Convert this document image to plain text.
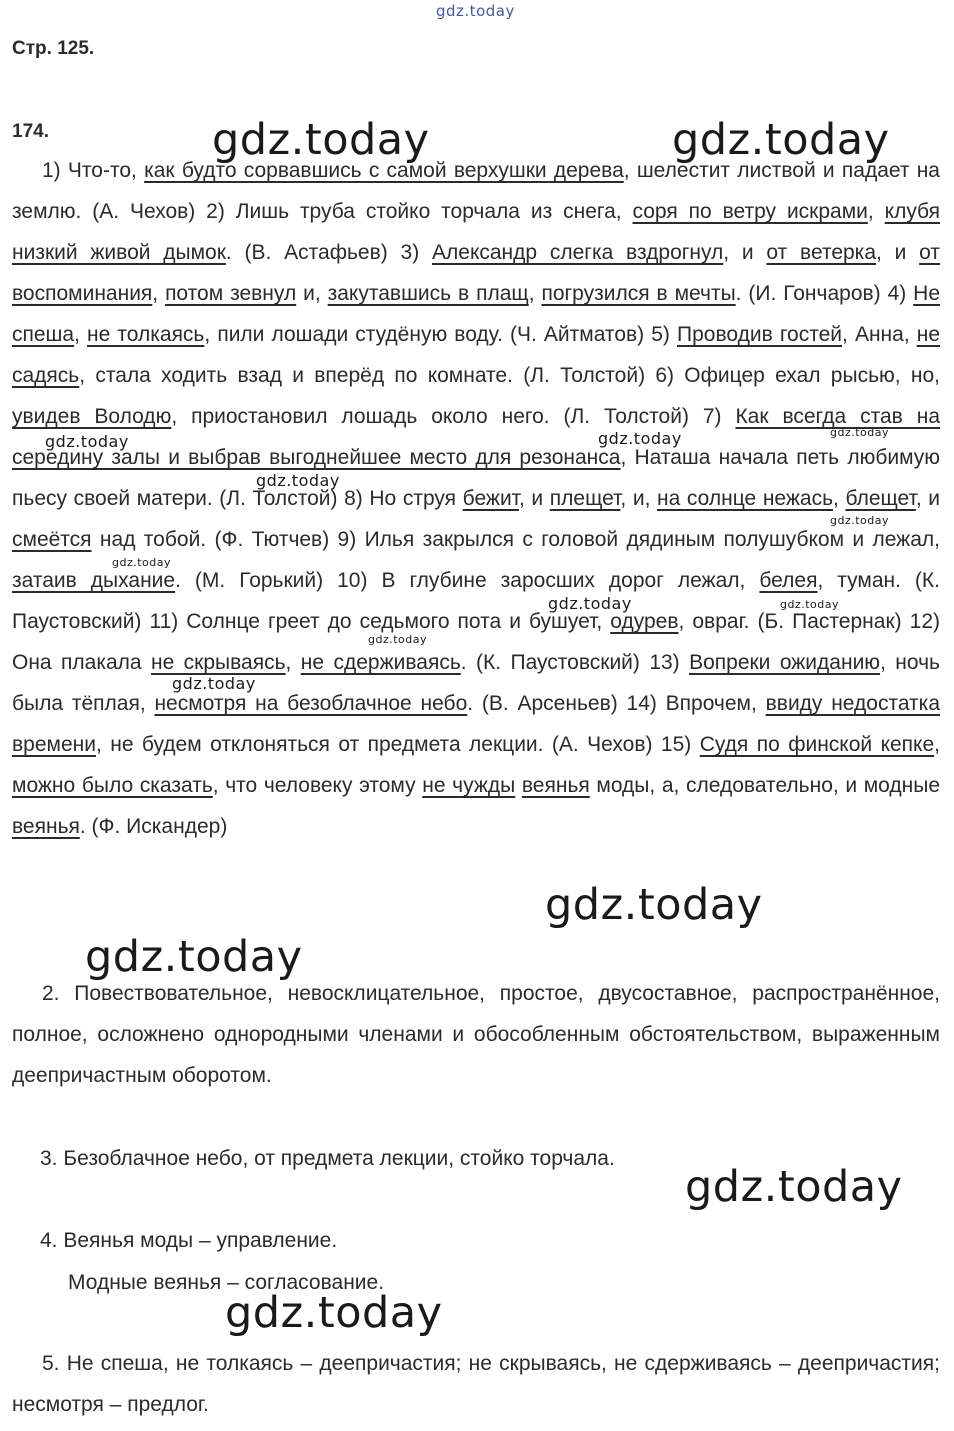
gdz.today
gdz.today	gdz.today
gdz.today	gdz.today	gdz.today
gdz.today
gdz.today
gdz.today
gdz.today	gdz.today
gdz.today
gdz.today
gdz.today
gdz.today
gdz.today
gdz.today
Стр. 125.
174.

1) Что-то, как будто сорвавшись с самой верхушки дерева, шелестит листвой и падает на землю. (А. Чехов) 2) Лишь труба стойко торчала из снега, соря по ветру искрами, клубя низкий живой дымок. (В. Астафьев) 3) Александр слегка вздрогнул, и от ветерка, и от воспоминания, потом зевнул и, закутавшись в плащ, погрузился в мечты. (И. Гончаров) 4) Не спеша, не толкаясь, пили лошади студёную воду. (Ч. Айтматов) 5) Проводив гостей, Анна, не садясь, стала ходить взад и вперёд по комнате. (Л. Толстой) 6) Офицер ехал рысью, но, увидев Володю, приостановил лошадь около него. (Л. Толстой) 7) Как всегда став на середину залы и выбрав выгоднейшее место для резонанса, Наташа начала петь любимую пьесу своей матери. (Л. Толстой) 8) Но струя бежит, и плещет, и, на солнце нежась, блещет, и смеётся над тобой. (Ф. Тютчев) 9) Илья закрылся с головой дядиным полушубком и лежал, затаив дыхание. (М. Горький) 10) В глубине заросших дорог лежал, белея, туман. (К. Паустовский) 11) Солнце греет до седьмого пота и бушует, одурев, овраг. (Б. Пастернак) 12) Она плакала не скрываясь, не сдерживаясь. (К. Паустовский) 13) Вопреки ожиданию, ночь была тёплая, несмотря на безоблачное небо. (В. Арсеньев) 14) Впрочем, ввиду недостатка времени, не будем отклоняться от предмета лекции. (А. Чехов) 15) Судя по финской кепке, можно было сказать, что человеку этому не чужды веянья моды, а, следовательно, и модные веянья. (Ф. Искандер)

2. Повествовательное, невосклицательное, простое, двусоставное, распространённое, полное, осложнено однородными членами и обособленным обстоятельством, выраженным деепричастным оборотом.

3. Безоблачное небо, от предмета лекции, стойко торчала.
4. Веянья моды – управление.
Модные веянья – согласование.

5. Не спеша, не толкаясь – деепричастия; не скрываясь, не сдерживаясь – деепричастия; несмотря – предлог.
